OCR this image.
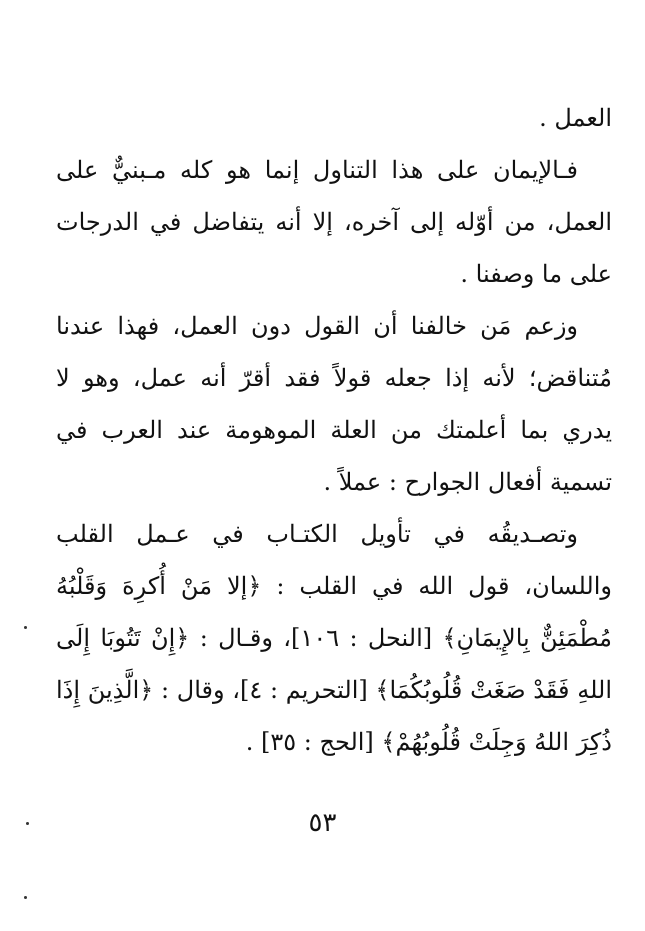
العمل .

فـالإيمان على هذا التناول إنما هو كله مـبنيٌّ على العمل، من أوّله إلى آخره، إلا أنه يتفاضل في الدرجات على ما وصفنا .

وزعم مَن خالفنا أن القول دون العمل، فهذا عندنا مُتناقض؛ لأنه إذا جعله قولاً فقد أقرّ أنه عمل، وهو لا يدري بما أعلمتك من العلة الموهومة عند العرب في تسمية أفعال الجوارح : عملاً .

وتصـديقُه في تأويل الكتـاب في عـمل القلب واللسان، قول الله في القلب : ﴿إلا مَنْ أُكرِهَ وَقَلْبُهُ مُطْمَئِنٌّ بِالإِيمَانِ﴾ [النحل : ١٠٦]، وقـال : ﴿إِنْ تَتُوبَا إِلَى اللهِ فَقَدْ صَغَتْ قُلُوبُكُمَا﴾ [التحريم : ٤]، وقال : ﴿الَّذِينَ إِذَا ذُكِرَ اللهُ وَجِلَتْ قُلُوبُهُمْ﴾ [الحج : ٣٥] .

٥٣
